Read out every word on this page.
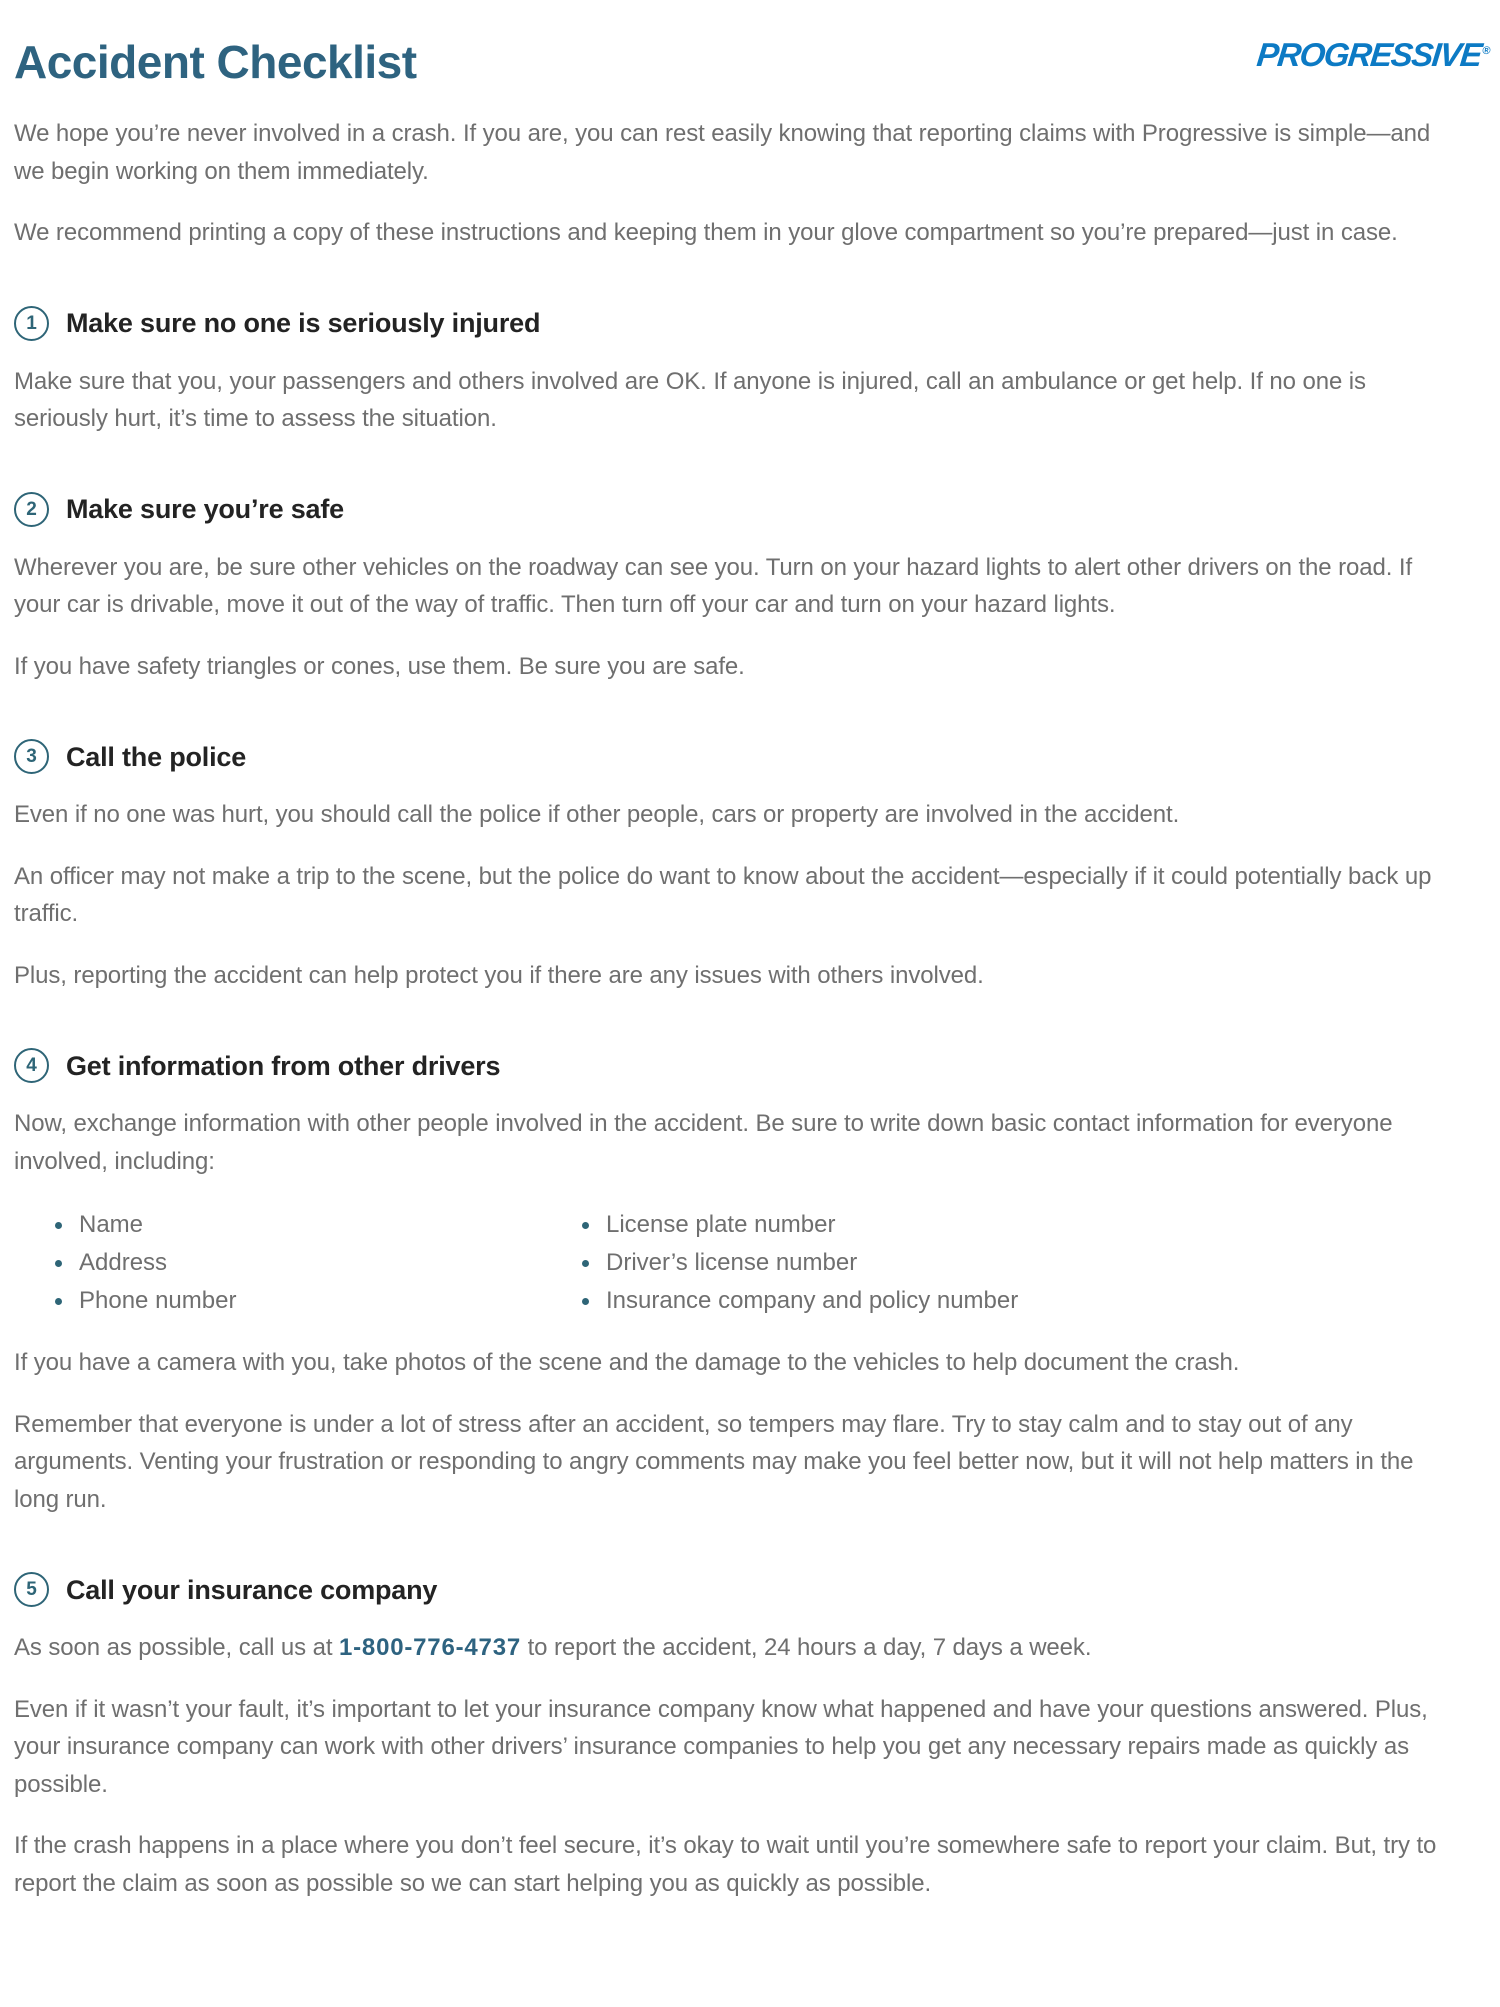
PROGRESSIVE®
Accident Checklist

We hope you’re never involved in a crash. If you are, you can rest easily knowing that reporting claims with Progressive is simple—and we begin working on them immediately.

We recommend printing a copy of these instructions and keeping them in your glove compartment so you’re prepared—just in case.

1	Make sure no one is seriously injured

Make sure that you, your passengers and others involved are OK. If anyone is injured, call an ambulance or get help. If no one is seriously hurt, it’s time to assess the situation.

2	Make sure you’re safe

Wherever you are, be sure other vehicles on the roadway can see you. Turn on your hazard lights to alert other drivers on the road. If your car is drivable, move it out of the way of traffic. Then turn off your car and turn on your hazard lights.

If you have safety triangles or cones, use them. Be sure you are safe.

3	Call the police

Even if no one was hurt, you should call the police if other people, cars or property are involved in the accident.

An officer may not make a trip to the scene, but the police do want to know about the accident—especially if it could potentially back up traffic.

Plus, reporting the accident can help protect you if there are any issues with others involved.

4	Get information from other drivers

Now, exchange information with other people involved in the accident. Be sure to write down basic contact information for everyone involved, including:

Name
Address
Phone number
License plate number
Driver’s license number
Insurance company and policy number

If you have a camera with you, take photos of the scene and the damage to the vehicles to help document the crash.

Remember that everyone is under a lot of stress after an accident, so tempers may flare. Try to stay calm and to stay out of any arguments. Venting your frustration or responding to angry comments may make you feel better now, but it will not help matters in the long run.

5	Call your insurance company

As soon as possible, call us at 1-800-776-4737 to report the accident, 24 hours a day, 7 days a week.

Even if it wasn’t your fault, it’s important to let your insurance company know what happened and have your questions answered. Plus, your insurance company can work with other drivers’ insurance companies to help you get any necessary repairs made as quickly as possible.

If the crash happens in a place where you don’t feel secure, it’s okay to wait until you’re somewhere safe to report your claim. But, try to report the claim as soon as possible so we can start helping you as quickly as possible.
